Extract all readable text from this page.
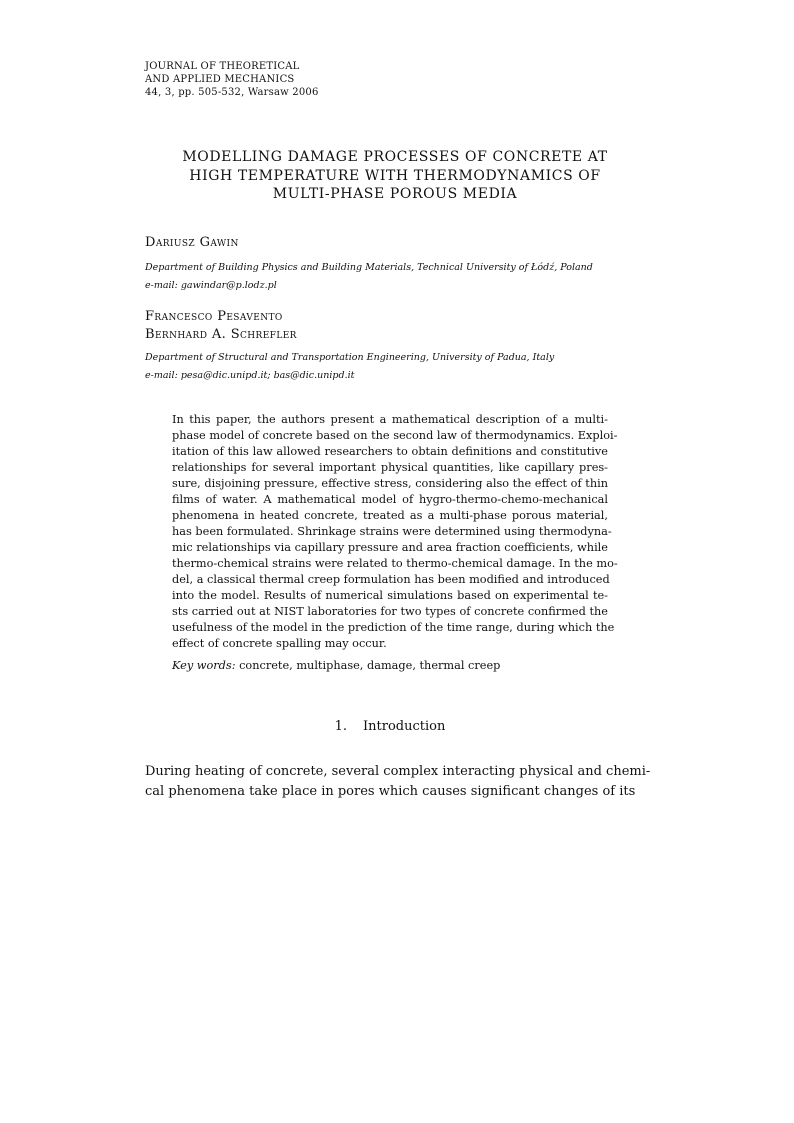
JOURNAL OF THEORETICAL
AND APPLIED MECHANICS
44, 3, pp. 505-532, Warsaw 2006
MODELLING DAMAGE PROCESSES OF CONCRETE AT
HIGH TEMPERATURE WITH THERMODYNAMICS OF
MULTI-PHASE POROUS MEDIA
Dariusz Gawin
Department of Building Physics and Building Materials, Technical University of Łódź, Poland
e-mail: gawindar@p.lodz.pl
Francesco Pesavento
Bernhard A. Schrefler
Department of Structural and Transportation Engineering, University of Padua, Italy
e-mail: pesa@dic.unipd.it; bas@dic.unipd.it

In this paper, the authors present a mathematical description of a multi-
phase model of concrete based on the second law of thermodynamics. Exploi-
itation of this law allowed researchers to obtain definitions and constitutive
relationships for several important physical quantities, like capillary pres-
sure, disjoining pressure, effective stress, considering also the effect of thin
films of water. A mathematical model of hygro-thermo-chemo-mechanical
phenomena in heated concrete, treated as a multi-phase porous material,
has been formulated. Shrinkage strains were determined using thermodyna-
mic relationships via capillary pressure and area fraction coefficients, while
thermo-chemical strains were related to thermo-chemical damage. In the mo-
del, a classical thermal creep formulation has been modified and introduced
into the model. Results of numerical simulations based on experimental te-
sts carried out at NIST laboratories for two types of concrete confirmed the
usefulness of the model in the prediction of the time range, during which the
effect of concrete spalling may occur.

Key words: concrete, multiphase, damage, thermal creep
1. Introduction
During heating of concrete, several complex interacting physical and chemi-
cal phenomena take place in pores which causes significant changes of its
